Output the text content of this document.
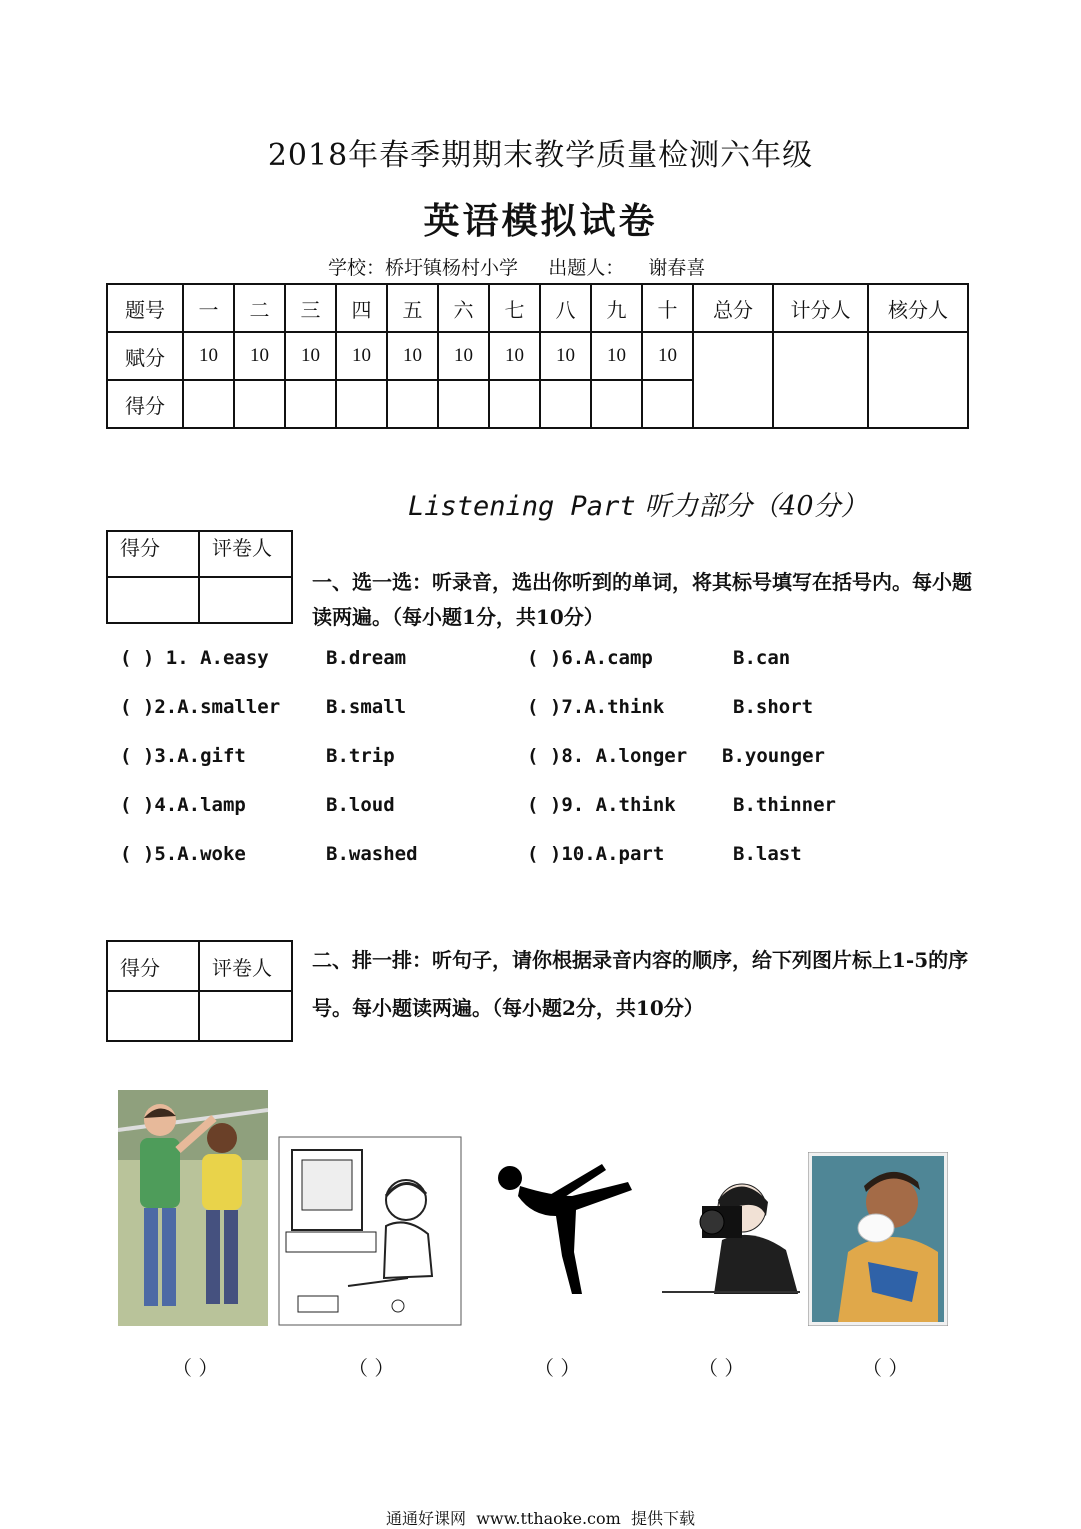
2018年春季期期末教学质量检测六年级
英语模拟试卷
学校：桥圩镇杨村小学 出题人： 谢春喜
题号	一	二	三	四	五	六	七	八	九	十	总分	计分人	核分人
赋分	10	10	10	10	10	10	10	10	10	10			
得分													
Listening Part 听力部分（40分）
得分	评卷人

一、选一选：听录音，选出你听到的单词，将其标号填写在括号内。每小题读两遍。（每小题1分，共10分）
( ) 1. A.easy	B.dream
( )2.A.smaller B.small
( )3.A.gift	B.trip
( )4.A.lamp	B.loud
( )5.A.woke	B.washed
( )6.A.camp	B.can
( )7.A.think	B.short
( )8. A.longer B.younger
( )9. A.think	B.thinner
( )10.A.part	B.last
得分	评卷人
	二、排一排：听句子，请你根据录音内容的顺序，给下列图片标上1-5的序号。每小题读两遍。（每小题2分，共10分）
（ ）	（ ）	（ ）	（ ）	（ ）
通通好课网 www.tthaoke.com 提供下载
